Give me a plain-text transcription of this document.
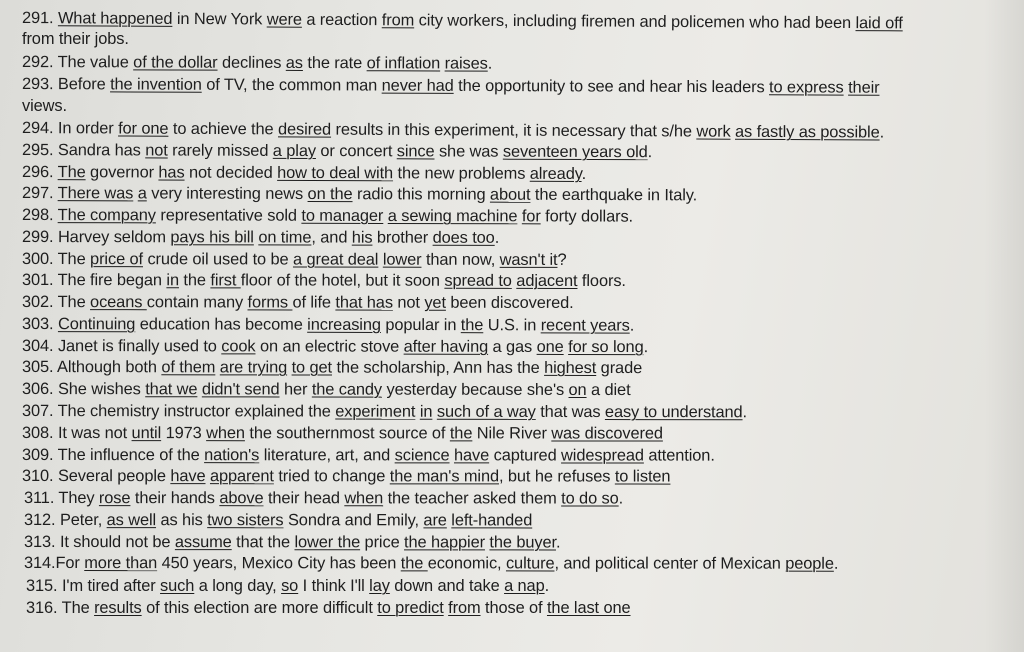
291. What happened in New York were a reaction from city workers, including firemen and policemen who had been laid off
from their jobs.
292. The value of the dollar declines as the rate of inflation raises.
293. Before the invention of TV, the common man never had the opportunity to see and hear his leaders to express their
views.
294. In order for one to achieve the desired results in this experiment, it is necessary that s/he work as fastly as possible.
295. Sandra has not rarely missed a play or concert since she was seventeen years old.
296. The governor has not decided how to deal with the new problems already.
297. There was a very interesting news on the radio this morning about the earthquake in Italy.
298. The company representative sold to manager a sewing machine for forty dollars.
299. Harvey seldom pays his bill on time, and his brother does too.
300. The price of crude oil used to be a great deal lower than now, wasn't it?
301. The fire began in the first floor of the hotel, but it soon spread to adjacent floors.
302. The oceans contain many forms of life that has not yet been discovered.
303. Continuing education has become increasing popular in the U.S. in recent years.
304. Janet is finally used to cook on an electric stove after having a gas one for so long.
305. Although both of them are trying to get the scholarship, Ann has the highest grade
306. She wishes that we didn't send her the candy yesterday because she's on a diet
307. The chemistry instructor explained the experiment in such of a way that was easy to understand.
308. It was not until 1973 when the southernmost source of the Nile River was discovered
309. The influence of the nation's literature, art, and science have captured widespread attention.
310. Several people have apparent tried to change the man's mind, but he refuses to listen
311. They rose their hands above their head when the teacher asked them to do so.
312. Peter, as well as his two sisters Sondra and Emily, are left-handed
313. It should not be assume that the lower the price the happier the buyer.
314.For more than 450 years, Mexico City has been the economic, culture, and political center of Mexican people.
315. I'm tired after such a long day, so I think I'll lay down and take a nap.
316. The results of this election are more difficult to predict from those of the last one
